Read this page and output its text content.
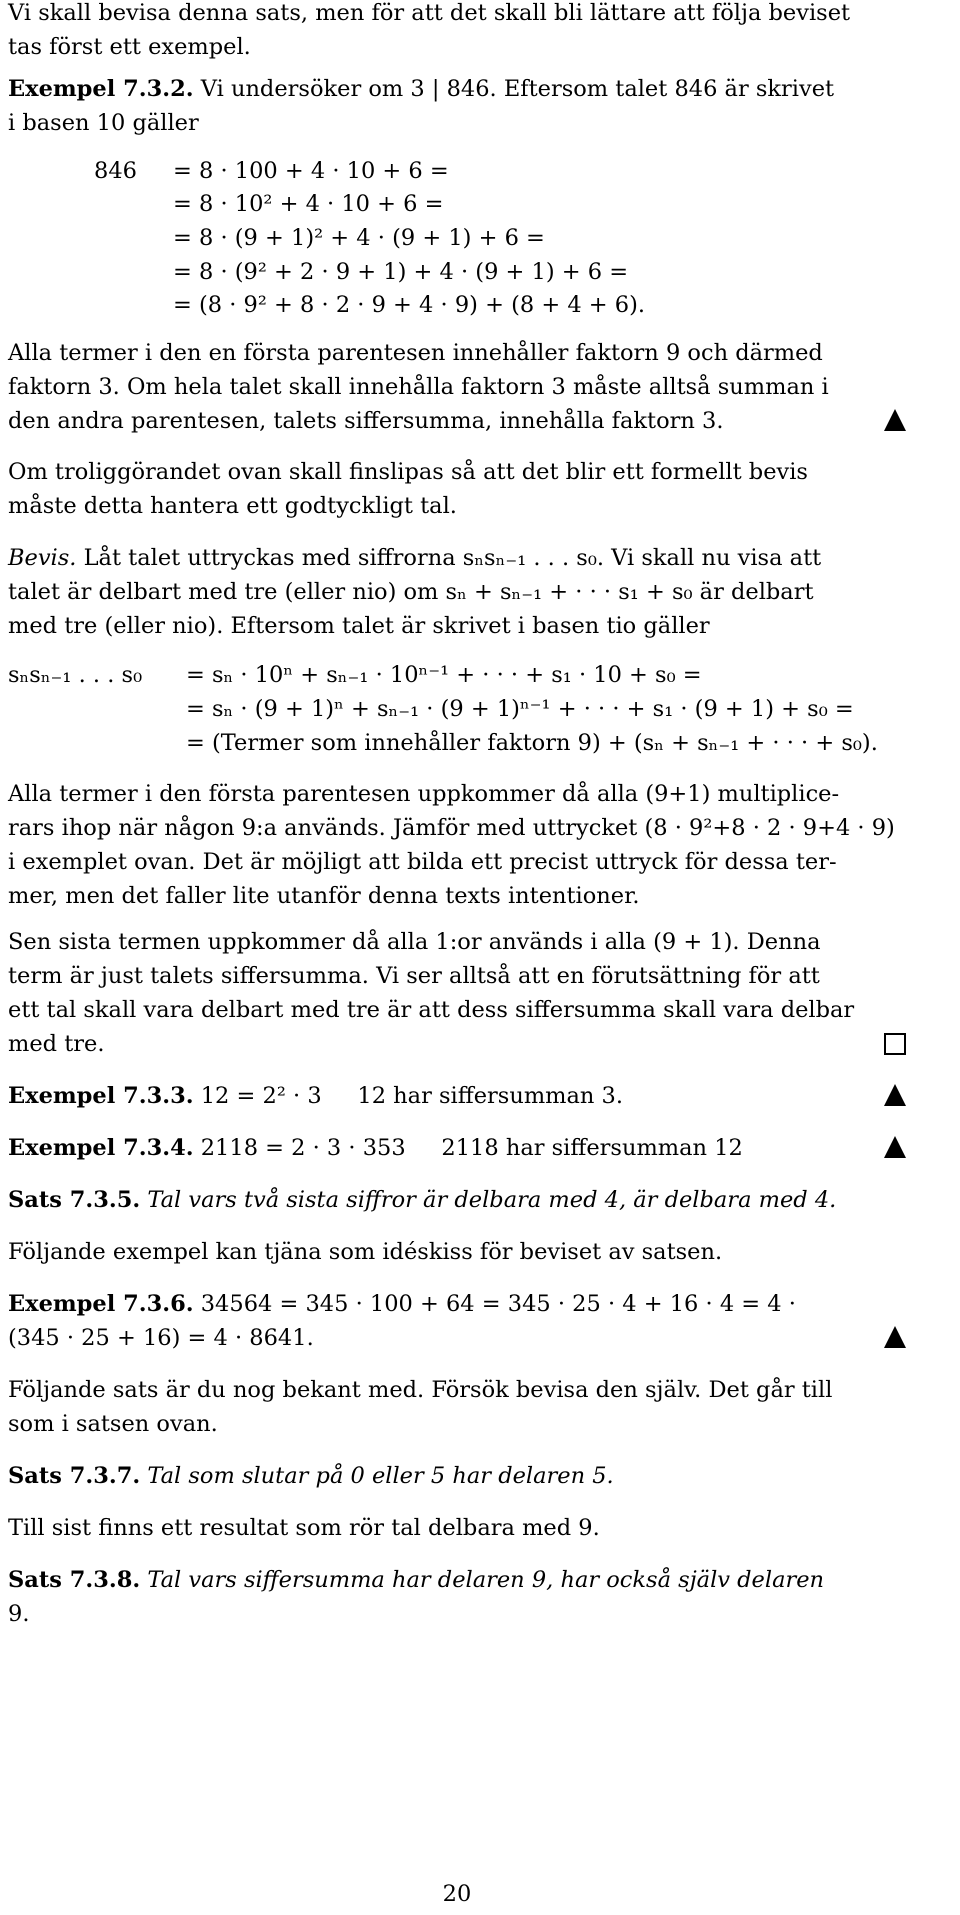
Vi skall bevisa denna sats, men för att det skall bli lättare att följa beviset
tas först ett exempel.
Exempel 7.3.2. Vi undersöker om 3 | 846. Eftersom talet 846 är skrivet
i basen 10 gäller
846 = 8 · 100 + 4 · 10 + 6 =
= 8 · 10² + 4 · 10 + 6 =
= 8 · (9 + 1)² + 4 · (9 + 1) + 6 =
= 8 · (9² + 2 · 9 + 1) + 4 · (9 + 1) + 6 =
= (8 · 9² + 8 · 2 · 9 + 4 · 9) + (8 + 4 + 6).
Alla termer i den en första parentesen innehåller faktorn 9 och därmed
faktorn 3. Om hela talet skall innehålla faktorn 3 måste alltså summan i
den andra parentesen, talets siffersumma, innehålla faktorn 3.
Om troliggörandet ovan skall finslipas så att det blir ett formellt bevis
måste detta hantera ett godtyckligt tal.
Bevis. Låt talet uttryckas med siffrorna sₙsₙ₋₁ . . . s₀. Vi skall nu visa att
talet är delbart med tre (eller nio) om sₙ + sₙ₋₁ + · · · s₁ + s₀ är delbart
med tre (eller nio). Eftersom talet är skrivet i basen tio gäller
sₙsₙ₋₁ . . . s₀ = sₙ · 10ⁿ + sₙ₋₁ · 10ⁿ⁻¹ + · · · + s₁ · 10 + s₀ =
= sₙ · (9 + 1)ⁿ + sₙ₋₁ · (9 + 1)ⁿ⁻¹ + · · · + s₁ · (9 + 1) + s₀ =
= (Termer som innehåller faktorn 9) + (sₙ + sₙ₋₁ + · · · + s₀).
Alla termer i den första parentesen uppkommer då alla (9+1) multiplice-
rars ihop när någon 9:a används. Jämför med uttrycket (8 · 9²+8 · 2 · 9+4 · 9)
i exemplet ovan. Det är möjligt att bilda ett precist uttryck för dessa ter-
mer, men det faller lite utanför denna texts intentioner.
Sen sista termen uppkommer då alla 1:or används i alla (9 + 1). Denna
term är just talets siffersumma. Vi ser alltså att en förutsättning för att
ett tal skall vara delbart med tre är att dess siffersumma skall vara delbar
med tre.
Exempel 7.3.3. 12 = 2² · 3     12 har siffersumman 3.
Exempel 7.3.4. 2118 = 2 · 3 · 353     2118 har siffersumman 12
Sats 7.3.5. Tal vars två sista siffror är delbara med 4, är delbara med 4.
Följande exempel kan tjäna som idéskiss för beviset av satsen.
Exempel 7.3.6. 34564 = 345 · 100 + 64 = 345 · 25 · 4 + 16 · 4 = 4 ·
(345 · 25 + 16) = 4 · 8641.
Följande sats är du nog bekant med. Försök bevisa den själv. Det går till
som i satsen ovan.
Sats 7.3.7. Tal som slutar på 0 eller 5 har delaren 5.
Till sist finns ett resultat som rör tal delbara med 9.
Sats 7.3.8. Tal vars siffersumma har delaren 9, har också själv delaren
9.
20
